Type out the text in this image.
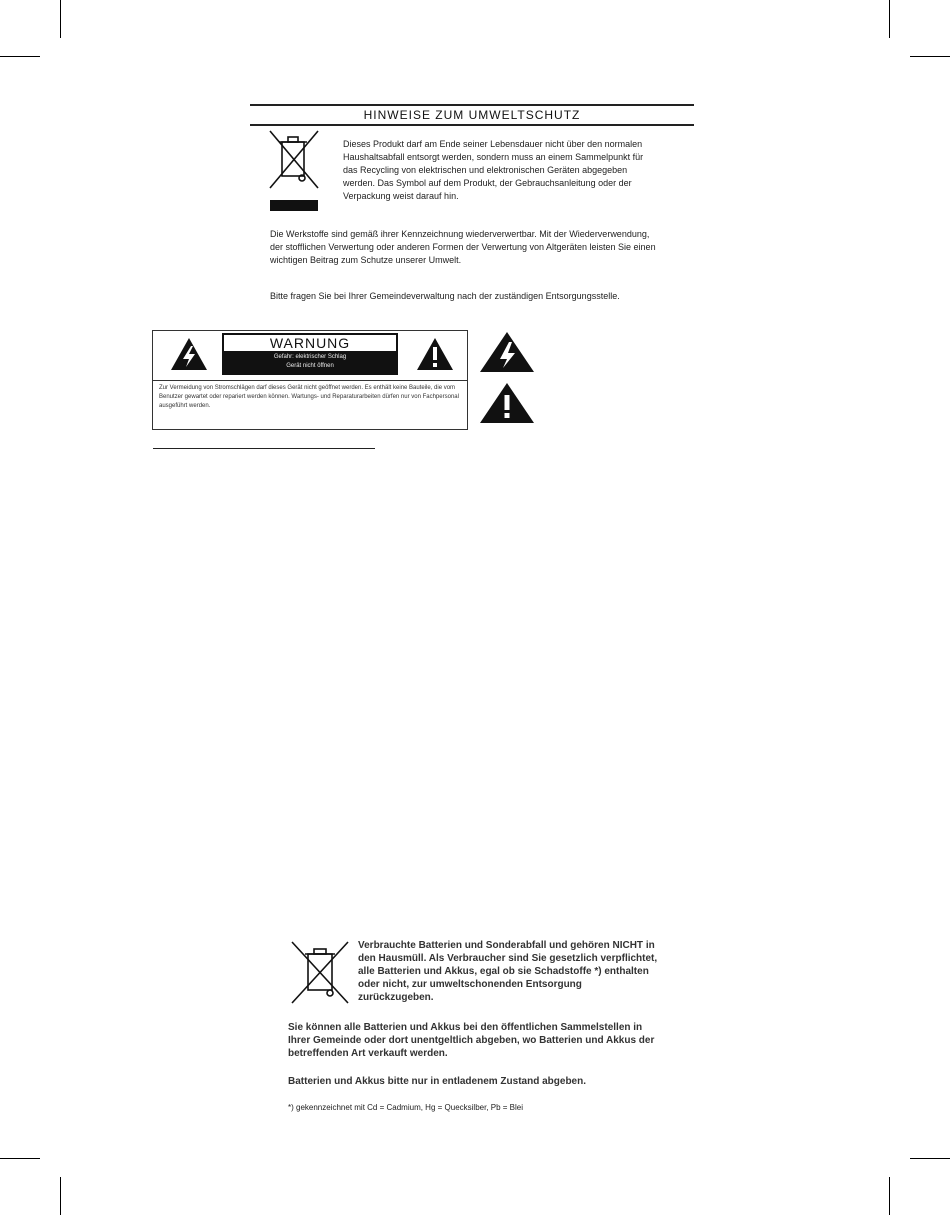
HINWEISE ZUM UMWELTSCHUTZ
Dieses Produkt darf am Ende seiner Lebensdauer nicht über den normalen Haushaltsabfall entsorgt werden, sondern muss an einem Sammelpunkt für das Recycling von elektrischen und elektronischen Geräten abgegeben werden. Das Symbol auf dem Produkt, der Gebrauchsanleitung oder der Verpackung weist darauf hin.
Die Werkstoffe sind gemäß ihrer Kennzeichnung wiederverwertbar. Mit der Wiederverwendung, der stofflichen Verwertung oder anderen Formen der Verwertung von Altgeräten leisten Sie einen wichtigen Beitrag zum Schutze unserer Umwelt.
Bitte fragen Sie bei Ihrer Gemeindeverwaltung nach der zuständigen Entsorgungsstelle.
WARNUNG
Gefahr: elektrischer Schlag
Gerät nicht öffnen
Zur Vermeidung von Stromschlägen darf dieses Gerät nicht geöffnet werden. Es enthält keine Bauteile, die vom Benutzer gewartet oder repariert werden können. Wartungs- und Reparaturarbeiten dürfen nur von Fachpersonal ausgeführt werden.
Verbrauchte Batterien und Sonderabfall und gehören NICHT in den Hausmüll. Als Verbraucher sind Sie gesetzlich verpflichtet, alle Batterien und Akkus, egal ob sie Schadstoffe *) enthalten oder nicht, zur umweltschonenden Entsorgung zurückzugeben.
Sie können alle Batterien und Akkus bei den öffentlichen Sammelstellen in Ihrer Gemeinde oder dort unentgeltlich abgeben, wo Batterien und Akkus der betreffenden Art verkauft werden.
Batterien und Akkus bitte nur in entladenem Zustand abgeben.
*) gekennzeichnet mit Cd = Cadmium, Hg = Quecksilber, Pb = Blei
